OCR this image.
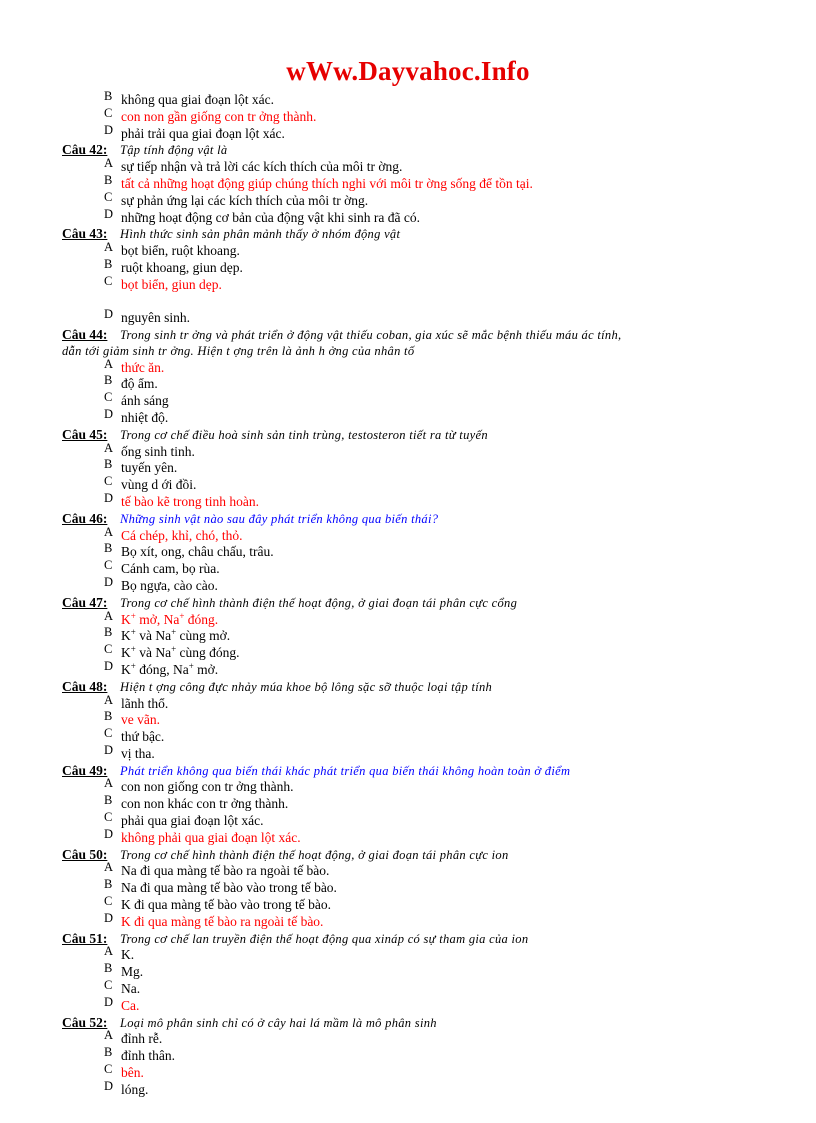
wWw.Dayvahoc.Info
B không qua giai đoạn lột xác.
C con non gần giống con tr ởng thành.
D phải trải qua giai đoạn lột xác.
Câu 42: Tập tính động vật là
A sự tiếp nhận và trả lời các kích thích của môi tr ờng.
B tất cả những hoạt động giúp chúng thích nghi với môi tr ờng sống để tồn tại.
C sự phản ứng lại các kích thích của môi tr ờng.
D những hoạt động cơ bản của động vật khi sinh ra đã có.
Câu 43: Hình thức sinh sản phân mảnh thấy ở nhóm động vật
A bọt biển, ruột khoang.
B ruột khoang, giun dẹp.
C bọt biển, giun dẹp.
D nguyên sinh.
Câu 44: Trong sinh tr ởng và phát triển ở động vật thiếu coban, gia xúc sẽ mắc bệnh thiếu máu ác tính,
dẫn tới giảm sinh tr ởng. Hiện t ợng trên là ảnh h ởng của nhân tố
A thức ăn.
B độ ẩm.
C ánh sáng
D nhiệt độ.
Câu 45: Trong cơ chế điều hoà sinh sản tinh trùng, testosteron tiết ra từ tuyến
A ống sinh tinh.
B tuyến yên.
C vùng d ới đồi.
D tế bào kẽ trong tinh hoàn.
Câu 46: Những sinh vật nào sau đây phát triển không qua biến thái?
A Cá chép, khỉ, chó, thỏ.
B Bọ xít, ong, châu chấu, trâu.
C Cánh cam, bọ rùa.
D Bọ ngựa, cào cào.
Câu 47: Trong cơ chế hình thành điện thế hoạt động, ở giai đoạn tái phân cực cổng
A K+ mở, Na+ đóng.
B K+ và Na+ cùng mở.
C K+ và Na+ cùng đóng.
D K+ đóng, Na+ mở.
Câu 48: Hiện t ợng công đực nhảy múa khoe bộ lông sặc sỡ thuộc loại tập tính
A lãnh thổ.
B ve vãn.
C thứ bậc.
D vị tha.
Câu 49: Phát triển không qua biến thái khác phát triển qua biến thái không hoàn toàn ở điểm
A con non giống con tr ởng thành.
B con non khác con tr ởng thành.
C phải qua giai đoạn lột xác.
D không phải qua giai đoạn lột xác.
Câu 50: Trong cơ chế hình thành điện thế hoạt động, ở giai đoạn tái phân cực ion
A Na đi qua màng tế bào ra ngoài tế bào.
B Na đi qua màng tế bào vào trong tế bào.
C K đi qua màng tế bào vào trong tế bào.
D K đi qua màng tế bào ra ngoài tế bào.
Câu 51: Trong cơ chế lan truyền điện thế hoạt động qua xináp có sự tham gia của ion
A K.
B Mg.
C Na.
D Ca.
Câu 52: Loại mô phân sinh chỉ có ở cây hai lá mầm là mô phân sinh
A đỉnh rễ.
B đỉnh thân.
C bên.
D lóng.
